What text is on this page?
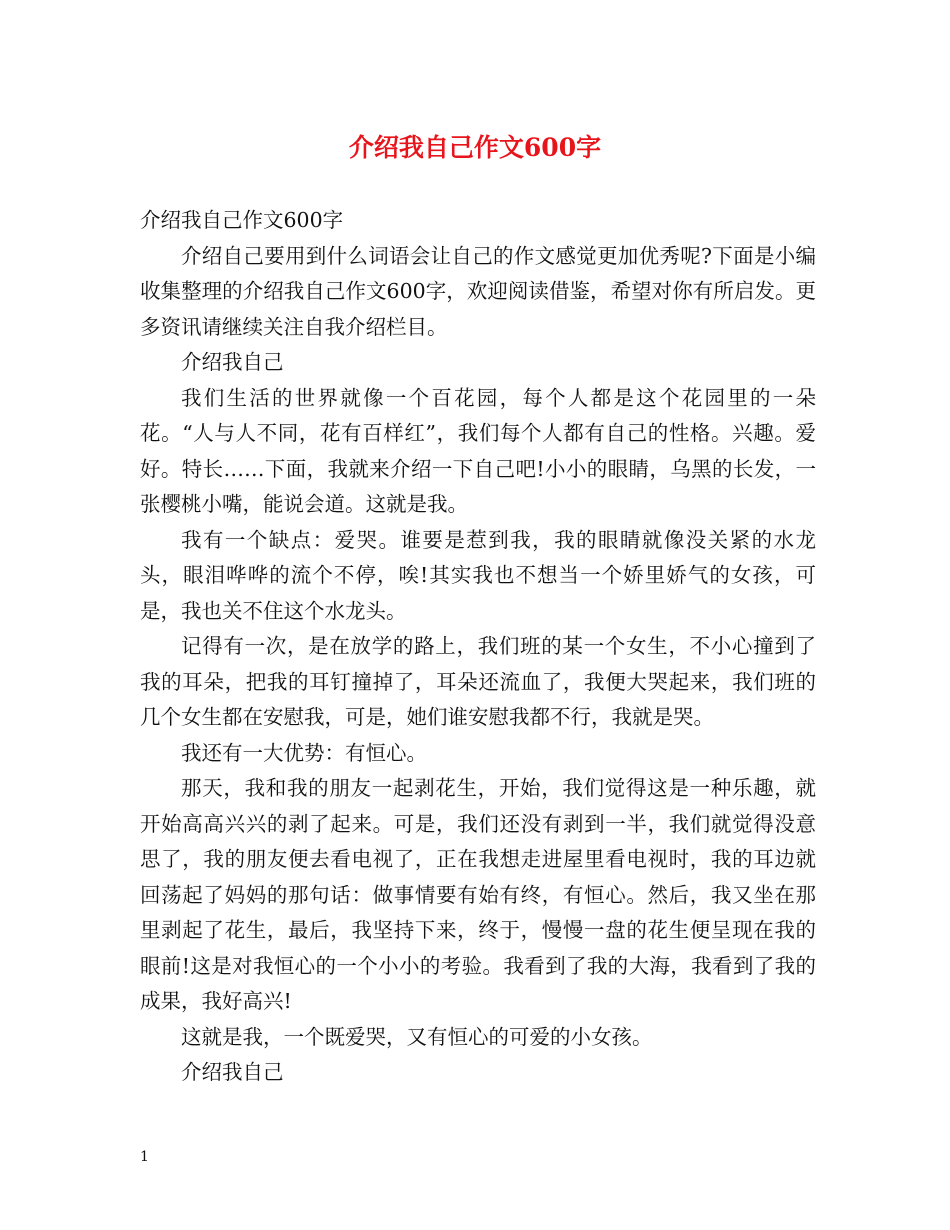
介绍我自己作文600字

介绍我自己作文600字

介绍自己要用到什么词语会让自己的作文感觉更加优秀呢?下面是小编收集整理的介绍我自己作文600字，欢迎阅读借鉴，希望对你有所启发。更多资讯请继续关注自我介绍栏目。

介绍我自己

我们生活的世界就像一个百花园，每个人都是这个花园里的一朵花。“人与人不同，花有百样红”，我们每个人都有自己的性格。兴趣。爱好。特长……下面，我就来介绍一下自己吧!小小的眼睛，乌黑的长发，一张樱桃小嘴，能说会道。这就是我。

我有一个缺点：爱哭。谁要是惹到我，我的眼睛就像没关紧的水龙头，眼泪哗哗的流个不停，唉!其实我也不想当一个娇里娇气的女孩，可是，我也关不住这个水龙头。

记得有一次，是在放学的路上，我们班的某一个女生，不小心撞到了我的耳朵，把我的耳钉撞掉了，耳朵还流血了，我便大哭起来，我们班的几个女生都在安慰我，可是，她们谁安慰我都不行，我就是哭。

我还有一大优势：有恒心。

那天，我和我的朋友一起剥花生，开始，我们觉得这是一种乐趣，就开始高高兴兴的剥了起来。可是，我们还没有剥到一半，我们就觉得没意思了，我的朋友便去看电视了，正在我想走进屋里看电视时，我的耳边就回荡起了妈妈的那句话：做事情要有始有终，有恒心。然后，我又坐在那里剥起了花生，最后，我坚持下来，终于，慢慢一盘的花生便呈现在我的眼前!这是对我恒心的一个小小的考验。我看到了我的大海，我看到了我的成果，我好高兴!

这就是我，一个既爱哭，又有恒心的可爱的小女孩。

介绍我自己

1
